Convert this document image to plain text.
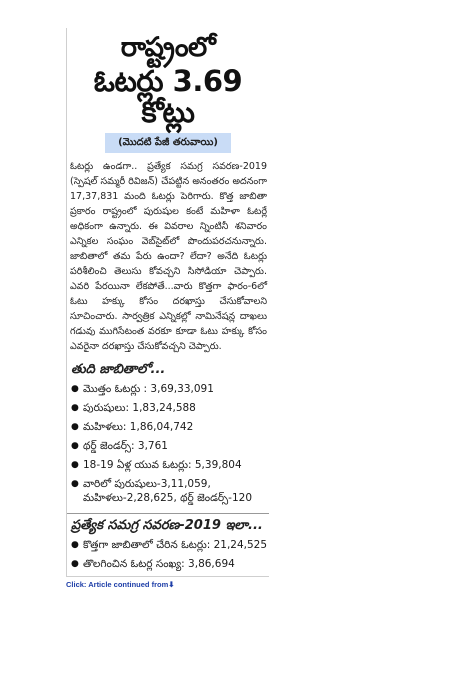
రాష్ట్రంలో
ఓటర్లు 3.69 కోట్లు
(మొదటి పేజీ తరువాయి)
ఓటర్లు ఉండగా.. ప్రత్యేక సమగ్ర సవరణ-2019 (స్పెషల్ సమ్మరీ రివిజన్) చేపట్టిన అనంతరం అదనంగా 17,37,831 మంది ఓటర్లు పెరిగారు. కొత్త జాబితా ప్రకారం రాష్ట్రంలో పురుషుల కంటే మహిళా ఓటర్లే అధికంగా ఉన్నారు. ఈ వివరాల న్నింటినీ శనివారం ఎన్నికల సంఘం వెబ్‌సైట్‌లో పొందుపరచనున్నారు. జాబితాలో తమ పేరు ఉందా? లేదా? అనేది ఓటర్లు పరిశీలించి తెలుసు కోవచ్చని సిసోడియా చెప్పారు. ఎవరి పేరయినా లేకపోతే...వారు కొత్తగా ఫారం-6లో ఓటు హక్కు కోసం దరఖాస్తు చేసుకోవాలని సూచించారు. సార్వత్రిక ఎన్నికల్లో నామినేషన్ల దాఖలు గడువు ముగిసేటంత వరకూ కూడా ఓటు హక్కు కోసం ఎవరైనా దరఖాస్తు చేసుకోవచ్చని చెప్పారు.
తుది జాబితాలో...
● మొత్తం ఓటర్లు : 3,69,33,091
● పురుషులు: 1,83,24,588
● మహిళలు: 1,86,04,742
● థర్డ్ జెండర్స్: 3,761
● 18-19 ఏళ్ల యువ ఓటర్లు: 5,39,804
● వారిలో పురుషులు-3,11,059, మహిళలు-2,28,625, థర్డ్ జెండర్స్-120
ప్రత్యేక సమగ్ర సవరణ-2019 ఇలా...
● కొత్తగా జాబితాలో చేరిన ఓటర్లు: 21,24,525
● తొలగించిన ఓటర్ల సంఖ్య: 3,86,694
Click: Article continued from⬇
